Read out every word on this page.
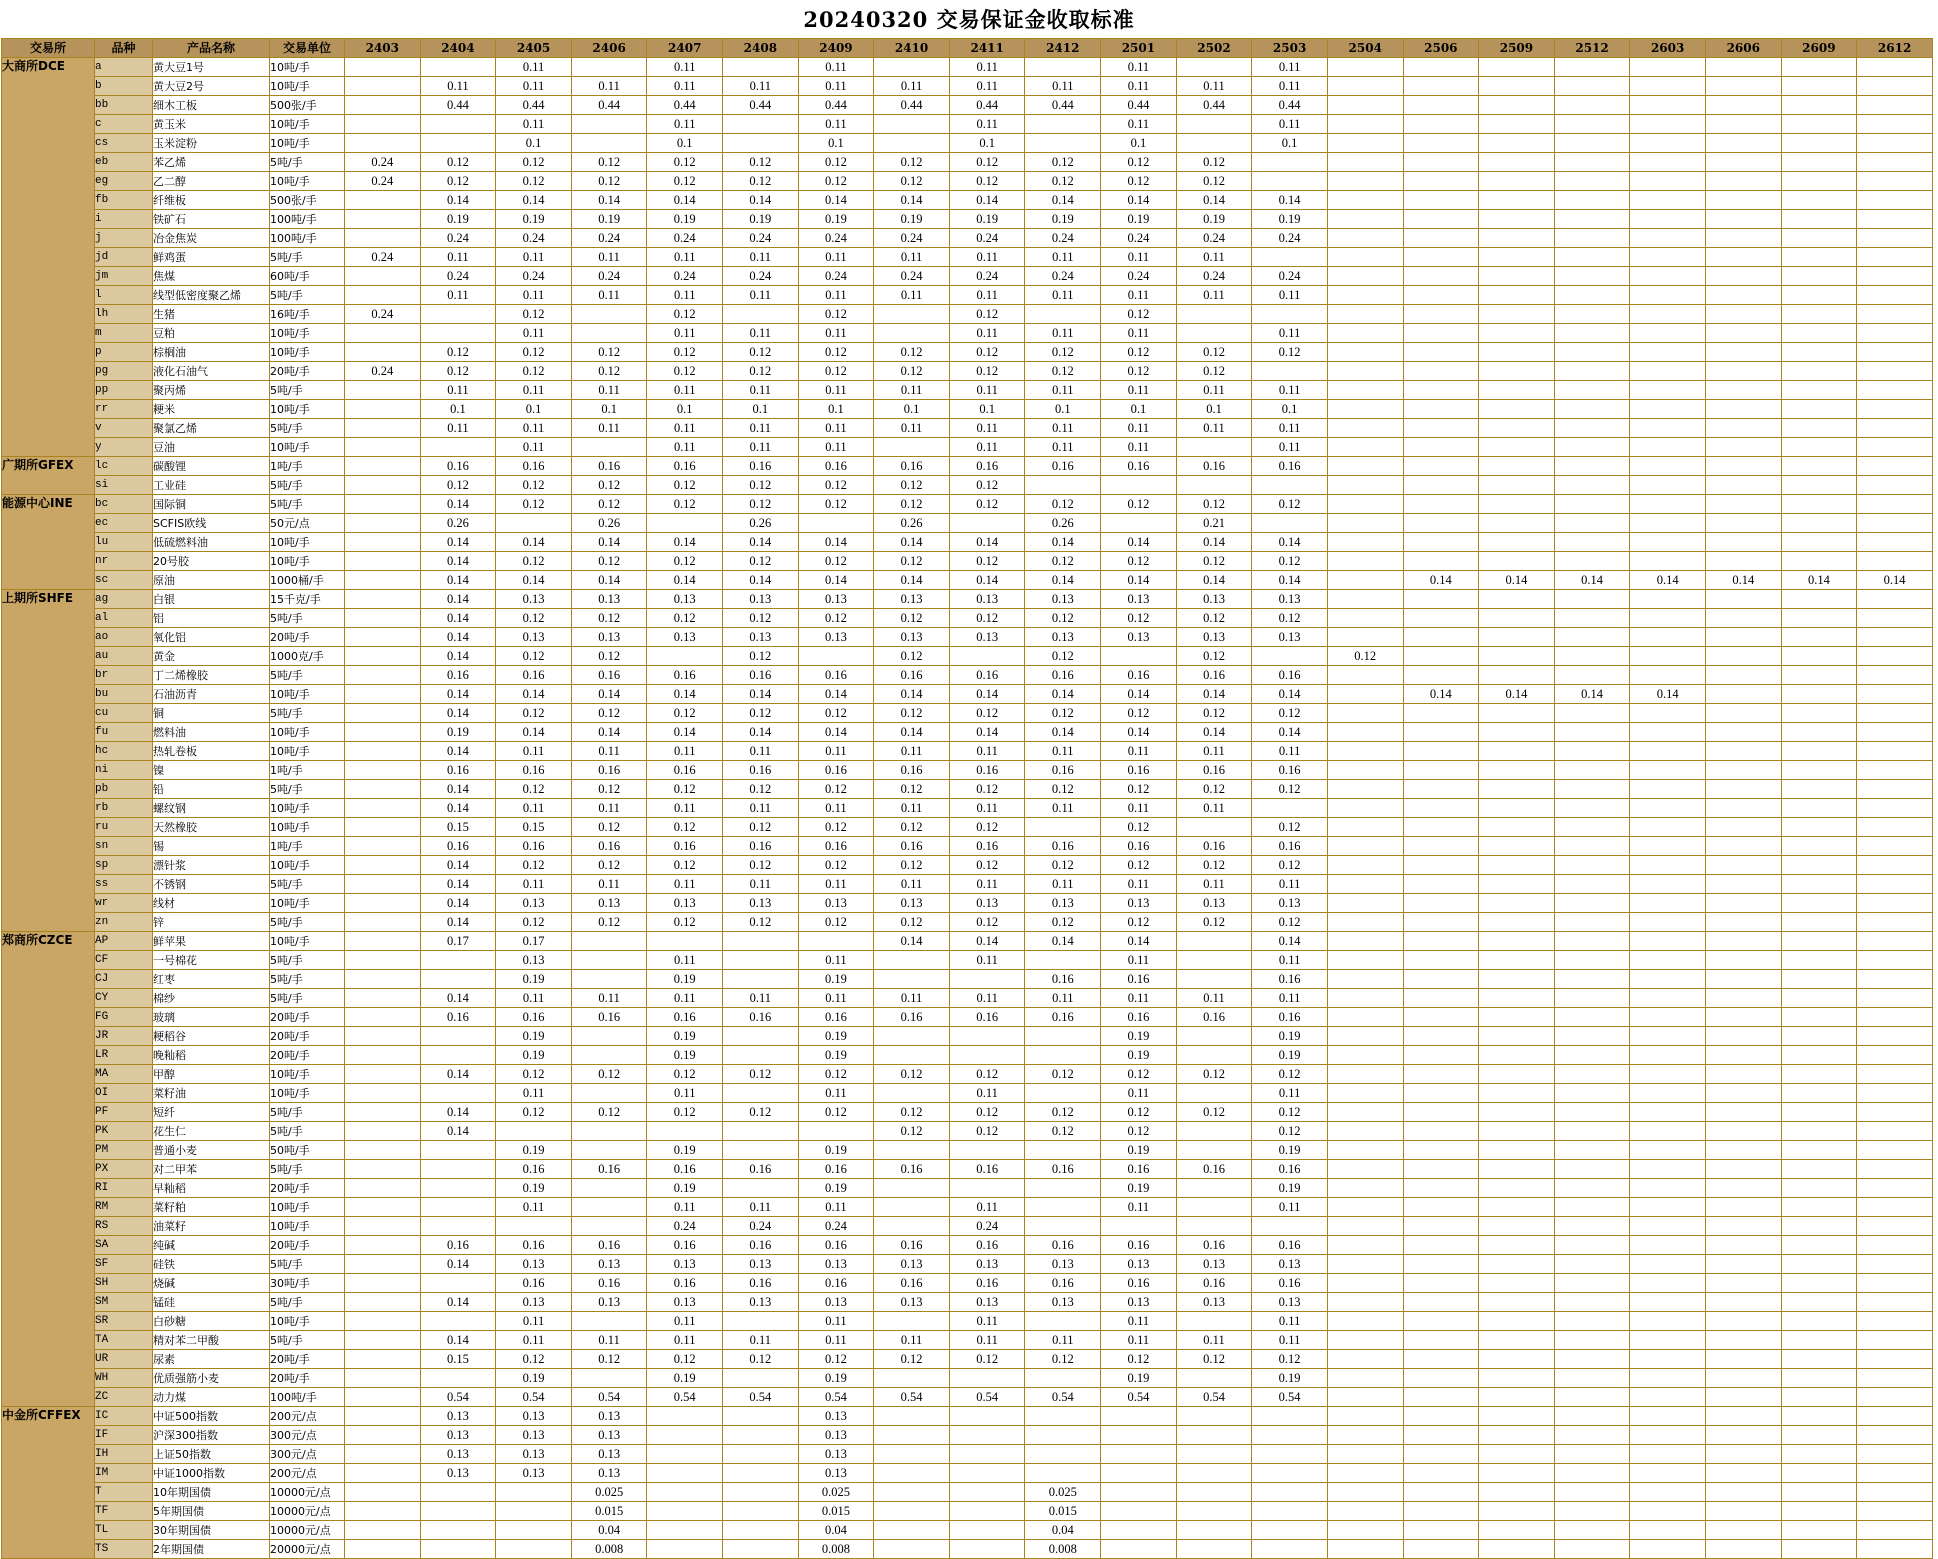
20240320 交易保证金收取标准
交易所	品种	产品名称	交易单位	2403	2404	2405	2406	2407	2408	2409	2410	2411	2412	2501	2502	2503	2504	2506	2509	2512	2603	2606	2609	2612
大商所DCE	a	黄大豆1号	10吨/手			0.11		0.11		0.11		0.11		0.11		0.11								
	b	黄大豆2号	10吨/手		0.11	0.11	0.11	0.11	0.11	0.11	0.11	0.11	0.11	0.11	0.11	0.11								
	bb	细木工板	500张/手		0.44	0.44	0.44	0.44	0.44	0.44	0.44	0.44	0.44	0.44	0.44	0.44								
	c	黄玉米	10吨/手			0.11		0.11		0.11		0.11		0.11		0.11								
	cs	玉米淀粉	10吨/手			0.1		0.1		0.1		0.1		0.1		0.1								
	eb	苯乙烯	5吨/手	0.24	0.12	0.12	0.12	0.12	0.12	0.12	0.12	0.12	0.12	0.12	0.12									
	eg	乙二醇	10吨/手	0.24	0.12	0.12	0.12	0.12	0.12	0.12	0.12	0.12	0.12	0.12	0.12									
	fb	纤维板	500张/手		0.14	0.14	0.14	0.14	0.14	0.14	0.14	0.14	0.14	0.14	0.14	0.14								
	i	铁矿石	100吨/手		0.19	0.19	0.19	0.19	0.19	0.19	0.19	0.19	0.19	0.19	0.19	0.19								
	j	冶金焦炭	100吨/手		0.24	0.24	0.24	0.24	0.24	0.24	0.24	0.24	0.24	0.24	0.24	0.24								
	jd	鲜鸡蛋	5吨/手	0.24	0.11	0.11	0.11	0.11	0.11	0.11	0.11	0.11	0.11	0.11	0.11									
	jm	焦煤	60吨/手		0.24	0.24	0.24	0.24	0.24	0.24	0.24	0.24	0.24	0.24	0.24	0.24								
	l	线型低密度聚乙烯	5吨/手		0.11	0.11	0.11	0.11	0.11	0.11	0.11	0.11	0.11	0.11	0.11	0.11								
	lh	生猪	16吨/手	0.24		0.12		0.12		0.12		0.12		0.12										
	m	豆粕	10吨/手			0.11		0.11	0.11	0.11		0.11	0.11	0.11		0.11								
	p	棕榈油	10吨/手		0.12	0.12	0.12	0.12	0.12	0.12	0.12	0.12	0.12	0.12	0.12	0.12								
	pg	液化石油气	20吨/手	0.24	0.12	0.12	0.12	0.12	0.12	0.12	0.12	0.12	0.12	0.12	0.12									
	pp	聚丙烯	5吨/手		0.11	0.11	0.11	0.11	0.11	0.11	0.11	0.11	0.11	0.11	0.11	0.11								
	rr	粳米	10吨/手		0.1	0.1	0.1	0.1	0.1	0.1	0.1	0.1	0.1	0.1	0.1	0.1								
	v	聚氯乙烯	5吨/手		0.11	0.11	0.11	0.11	0.11	0.11	0.11	0.11	0.11	0.11	0.11	0.11								
	y	豆油	10吨/手			0.11		0.11	0.11	0.11		0.11	0.11	0.11		0.11								
广期所GFEX	lc	碳酸锂	1吨/手		0.16	0.16	0.16	0.16	0.16	0.16	0.16	0.16	0.16	0.16	0.16	0.16								
	si	工业硅	5吨/手		0.12	0.12	0.12	0.12	0.12	0.12	0.12	0.12												
能源中心INE	bc	国际铜	5吨/手		0.14	0.12	0.12	0.12	0.12	0.12	0.12	0.12	0.12	0.12	0.12	0.12								
	ec	SCFIS欧线	50元/点		0.26		0.26		0.26		0.26		0.26		0.21									
	lu	低硫燃料油	10吨/手		0.14	0.14	0.14	0.14	0.14	0.14	0.14	0.14	0.14	0.14	0.14	0.14								
	nr	20号胶	10吨/手		0.14	0.12	0.12	0.12	0.12	0.12	0.12	0.12	0.12	0.12	0.12	0.12								
	sc	原油	1000桶/手		0.14	0.14	0.14	0.14	0.14	0.14	0.14	0.14	0.14	0.14	0.14	0.14		0.14	0.14	0.14	0.14	0.14	0.14	0.14
上期所SHFE	ag	白银	15千克/手		0.14	0.13	0.13	0.13	0.13	0.13	0.13	0.13	0.13	0.13	0.13	0.13								
	al	铝	5吨/手		0.14	0.12	0.12	0.12	0.12	0.12	0.12	0.12	0.12	0.12	0.12	0.12								
	ao	氧化铝	20吨/手		0.14	0.13	0.13	0.13	0.13	0.13	0.13	0.13	0.13	0.13	0.13	0.13								
	au	黄金	1000克/手		0.14	0.12	0.12		0.12		0.12		0.12		0.12		0.12							
	br	丁二烯橡胶	5吨/手		0.16	0.16	0.16	0.16	0.16	0.16	0.16	0.16	0.16	0.16	0.16	0.16								
	bu	石油沥青	10吨/手		0.14	0.14	0.14	0.14	0.14	0.14	0.14	0.14	0.14	0.14	0.14	0.14		0.14	0.14	0.14	0.14			
	cu	铜	5吨/手		0.14	0.12	0.12	0.12	0.12	0.12	0.12	0.12	0.12	0.12	0.12	0.12								
	fu	燃料油	10吨/手		0.19	0.14	0.14	0.14	0.14	0.14	0.14	0.14	0.14	0.14	0.14	0.14								
	hc	热轧卷板	10吨/手		0.14	0.11	0.11	0.11	0.11	0.11	0.11	0.11	0.11	0.11	0.11	0.11								
	ni	镍	1吨/手		0.16	0.16	0.16	0.16	0.16	0.16	0.16	0.16	0.16	0.16	0.16	0.16								
	pb	铅	5吨/手		0.14	0.12	0.12	0.12	0.12	0.12	0.12	0.12	0.12	0.12	0.12	0.12								
	rb	螺纹钢	10吨/手		0.14	0.11	0.11	0.11	0.11	0.11	0.11	0.11	0.11	0.11	0.11									
	ru	天然橡胶	10吨/手		0.15	0.15	0.12	0.12	0.12	0.12	0.12	0.12		0.12		0.12								
	sn	锡	1吨/手		0.16	0.16	0.16	0.16	0.16	0.16	0.16	0.16	0.16	0.16	0.16	0.16								
	sp	漂针浆	10吨/手		0.14	0.12	0.12	0.12	0.12	0.12	0.12	0.12	0.12	0.12	0.12	0.12								
	ss	不锈钢	5吨/手		0.14	0.11	0.11	0.11	0.11	0.11	0.11	0.11	0.11	0.11	0.11	0.11								
	wr	线材	10吨/手		0.14	0.13	0.13	0.13	0.13	0.13	0.13	0.13	0.13	0.13	0.13	0.13								
	zn	锌	5吨/手		0.14	0.12	0.12	0.12	0.12	0.12	0.12	0.12	0.12	0.12	0.12	0.12								
郑商所CZCE	AP	鲜苹果	10吨/手		0.17	0.17					0.14	0.14	0.14	0.14		0.14								
	CF	一号棉花	5吨/手			0.13		0.11		0.11		0.11		0.11		0.11								
	CJ	红枣	5吨/手			0.19		0.19		0.19			0.16	0.16		0.16								
	CY	棉纱	5吨/手		0.14	0.11	0.11	0.11	0.11	0.11	0.11	0.11	0.11	0.11	0.11	0.11								
	FG	玻璃	20吨/手		0.16	0.16	0.16	0.16	0.16	0.16	0.16	0.16	0.16	0.16	0.16	0.16								
	JR	粳稻谷	20吨/手			0.19		0.19		0.19				0.19		0.19								
	LR	晚籼稻	20吨/手			0.19		0.19		0.19				0.19		0.19								
	MA	甲醇	10吨/手		0.14	0.12	0.12	0.12	0.12	0.12	0.12	0.12	0.12	0.12	0.12	0.12								
	OI	菜籽油	10吨/手			0.11		0.11		0.11		0.11		0.11		0.11								
	PF	短纤	5吨/手		0.14	0.12	0.12	0.12	0.12	0.12	0.12	0.12	0.12	0.12	0.12	0.12								
	PK	花生仁	5吨/手		0.14						0.12	0.12	0.12	0.12		0.12								
	PM	普通小麦	50吨/手			0.19		0.19		0.19				0.19		0.19								
	PX	对二甲苯	5吨/手			0.16	0.16	0.16	0.16	0.16	0.16	0.16	0.16	0.16	0.16	0.16								
	RI	早籼稻	20吨/手			0.19		0.19		0.19				0.19		0.19								
	RM	菜籽粕	10吨/手			0.11		0.11	0.11	0.11		0.11		0.11		0.11								
	RS	油菜籽	10吨/手					0.24	0.24	0.24		0.24												
	SA	纯碱	20吨/手		0.16	0.16	0.16	0.16	0.16	0.16	0.16	0.16	0.16	0.16	0.16	0.16								
	SF	硅铁	5吨/手		0.14	0.13	0.13	0.13	0.13	0.13	0.13	0.13	0.13	0.13	0.13	0.13								
	SH	烧碱	30吨/手			0.16	0.16	0.16	0.16	0.16	0.16	0.16	0.16	0.16	0.16	0.16								
	SM	锰硅	5吨/手		0.14	0.13	0.13	0.13	0.13	0.13	0.13	0.13	0.13	0.13	0.13	0.13								
	SR	白砂糖	10吨/手			0.11		0.11		0.11		0.11		0.11		0.11								
	TA	精对苯二甲酸	5吨/手		0.14	0.11	0.11	0.11	0.11	0.11	0.11	0.11	0.11	0.11	0.11	0.11								
	UR	尿素	20吨/手		0.15	0.12	0.12	0.12	0.12	0.12	0.12	0.12	0.12	0.12	0.12	0.12								
	WH	优质强筋小麦	20吨/手			0.19		0.19		0.19				0.19		0.19								
	ZC	动力煤	100吨/手		0.54	0.54	0.54	0.54	0.54	0.54	0.54	0.54	0.54	0.54	0.54	0.54								
中金所CFFEX	IC	中证500指数	200元/点		0.13	0.13	0.13			0.13														
	IF	沪深300指数	300元/点		0.13	0.13	0.13			0.13														
	IH	上证50指数	300元/点		0.13	0.13	0.13			0.13														
	IM	中证1000指数	200元/点		0.13	0.13	0.13			0.13														
	T	10年期国债	10000元/点				0.025			0.025			0.025											
	TF	5年期国债	10000元/点				0.015			0.015			0.015											
	TL	30年期国债	10000元/点				0.04			0.04			0.04											
	TS	2年期国债	20000元/点				0.008			0.008			0.008											
